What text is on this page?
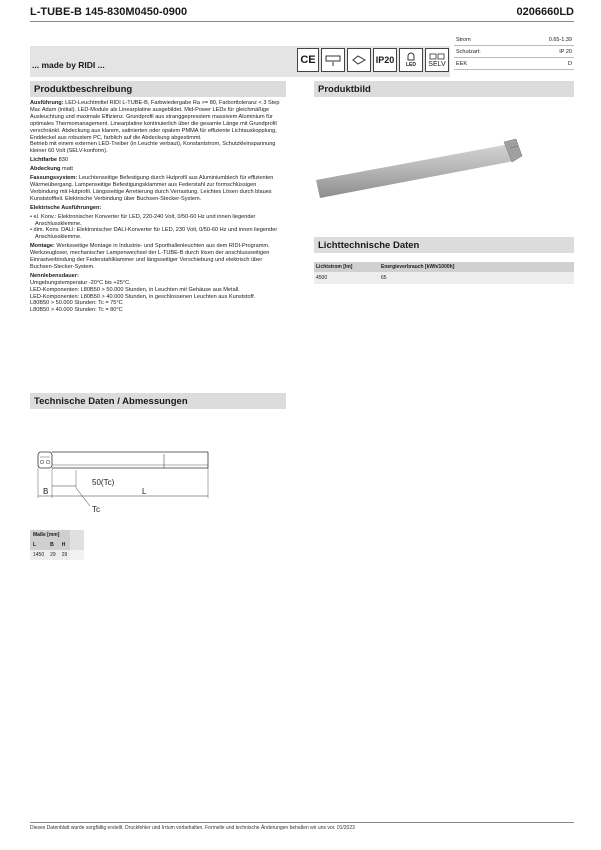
L-TUBE-B 145-830M0450-0900	0206660LD
... made by RIDI ...	CE	IP20	LED SELV
Strom	0.65-1.39
Schutzart:	IP 20
EEK	D
Produktbeschreibung	Produktbild

Ausführung: LED-Leuchtmittel RIDI L-TUBE-B, Farbwiedergabe Ra >= 80, Farborttoleranz < 3 Step Mac Adam (initial). LED-Module als Linearplatine ausgebildet. Mid-Power LEDs für gleichmäßige Ausleuchtung und maximale Effizienz. Grundprofil aus stranggepresstem massivem Aluminium für optimales Thermomanagement. Linearplatine kontinuierlich über die gesamte Länge mit Grundprofil verschränkt. Abdeckung aus klarem, satinierten oder opalem PMMA für effiziente Lichtauskopplung, Enddeckel aus robustem PC, farblich auf die Abdeckung abgestimmt.
Betrieb mit einem externen LED-Treiber (in Leuchte verbaut), Konstantstrom, Schutzkleinspannung kleiner 60 Volt (SELV-konform).

Lichtfarbe 830

Abdeckung matt

Fassungssystem: Leuchtenseitige Befestigung durch Hutprofil aus Aluminiumblech für effizienten Wärmeübergang. Lampenseitige Befestigungsklammer aus Federstahl zur formschlüssigen Verbindung mit Hutprofil. Längsseitige Arretierung durch Verrastung. Leichtes Lösen durch blaues Kunststoffteil. Elektrische Verbindung über Buchsen-Stecker-System.

Elektrische Ausführungen:

• el. Konv.: Elektronischer Konverter für LED, 220-240 Volt, 0/50-60 Hz und innen liegender Anschlussklemme.
• dim. Konv. DALI: Elektronischer DALI-Konverter für LED, 230 Volt, 0/50-60 Hz und innen liegender Anschlussklemme.

Montage: Werksseitige Montage in Industrie- und Sporthallenleuchten aus dem RIDI-Programm. Werkzeugloser, mechanischer Lampenwechsel der L-TUBE-B durch lösen der anschlussseitigen Einrastverbindung der Federstahlklammer und längsseitiger Verschiebung und elektrisch über Buchsen-Stecker-System.

Nennlebensdauer:

Umgebungstemperatur -20°C bis +25°C.
LED-Komponenten: L80B50 > 50.000 Stunden, in Leuchten mit Gehäuse aus Metall.
LED-Komponenten: L80B50 > 40.000 Stunden, in geschlossenen Leuchten aus Kunststoff.
L80B50 > 50.000 Stunden: Tc = 75°C
L80B50 > 40.000 Stunden: Tc = 80°C
Lichttechnische Daten
Lichtstrom [lm]	Energieverbrauch [kWh/1000h]
4500	65
Technische Daten / Abmessungen
50(Tc)
L
B
Tc
Maße [mm]			
L	B	H	
1450	29	29	
Dieses Datenblatt wurde sorgfältig erstellt. Druckfehler und Irrtum vorbehalten. Formelle und technische Änderungen behalten wir uns vor. 01/2023
